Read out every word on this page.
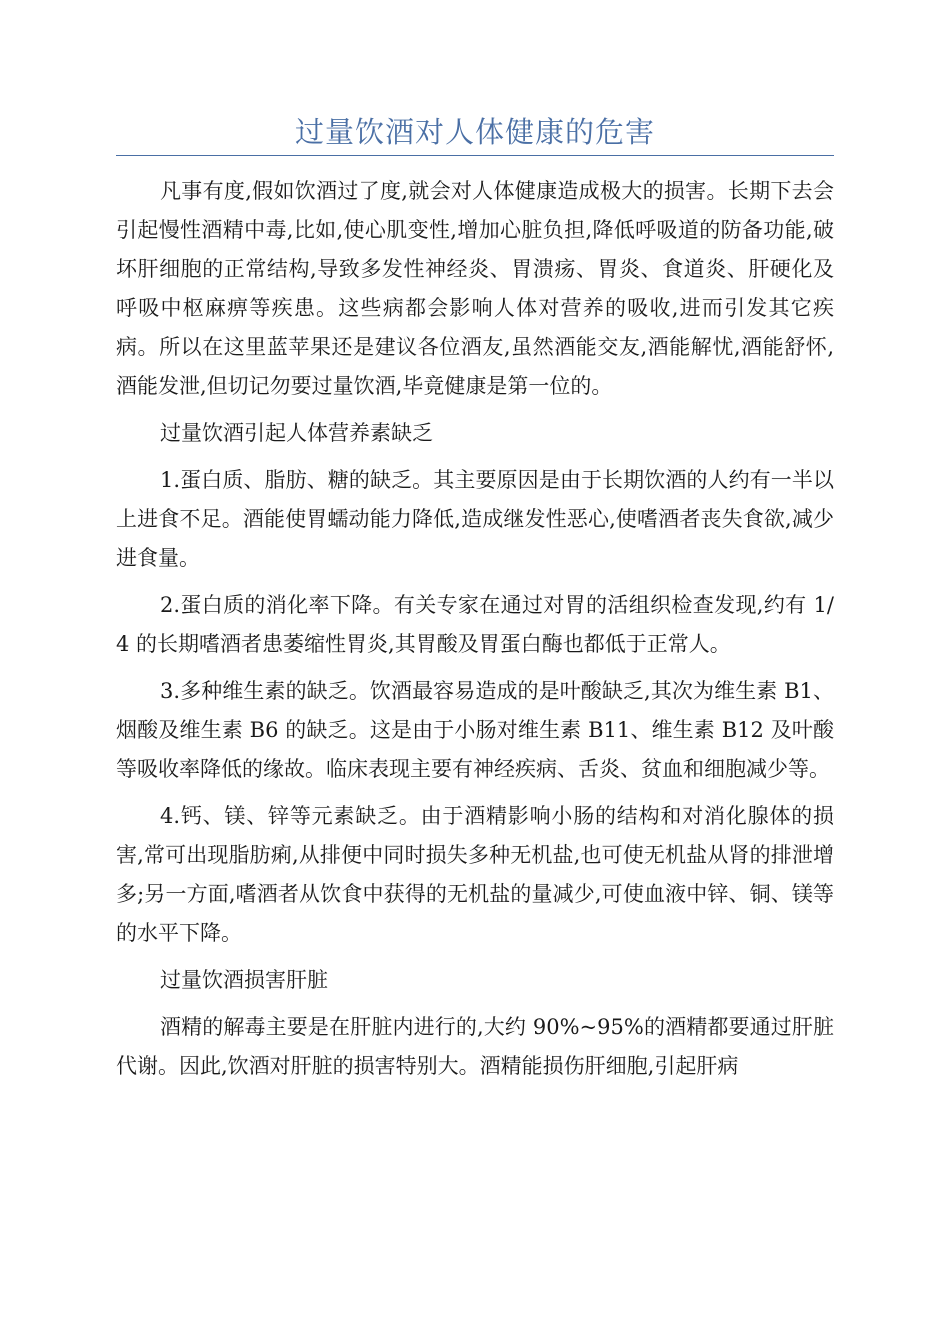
过量饮酒对人体健康的危害

凡事有度,假如饮酒过了度,就会对人体健康造成极大的损害。长期下去会引起慢性酒精中毒,比如,使心肌变性,增加心脏负担,降低呼吸道的防备功能,破坏肝细胞的正常结构,导致多发性神经炎、胃溃疡、胃炎、食道炎、肝硬化及呼吸中枢麻痹等疾患。这些病都会影响人体对营养的吸收,进而引发其它疾病。所以在这里蓝苹果还是建议各位酒友,虽然酒能交友,酒能解忧,酒能舒怀,酒能发泄,但切记勿要过量饮酒,毕竟健康是第一位的。

过量饮酒引起人体营养素缺乏

1.蛋白质、脂肪、糖的缺乏。其主要原因是由于长期饮酒的人约有一半以上进食不足。酒能使胃蠕动能力降低,造成继发性恶心,使嗜酒者丧失食欲,减少进食量。

2.蛋白质的消化率下降。有关专家在通过对胃的活组织检查发现,约有 1/4 的长期嗜酒者患萎缩性胃炎,其胃酸及胃蛋白酶也都低于正常人。

3.多种维生素的缺乏。饮酒最容易造成的是叶酸缺乏,其次为维生素 B1、烟酸及维生素 B6 的缺乏。这是由于小肠对维生素 B11、维生素 B12 及叶酸等吸收率降低的缘故。临床表现主要有神经疾病、舌炎、贫血和细胞减少等。

4.钙、镁、锌等元素缺乏。由于酒精影响小肠的结构和对消化腺体的损害,常可出现脂肪痢,从排便中同时损失多种无机盐,也可使无机盐从肾的排泄增多;另一方面,嗜酒者从饮食中获得的无机盐的量减少,可使血液中锌、铜、镁等的水平下降。

过量饮酒损害肝脏

酒精的解毒主要是在肝脏内进行的,大约 90%~95%的酒精都要通过肝脏代谢。因此,饮酒对肝脏的损害特别大。酒精能损伤肝细胞,引起肝病
